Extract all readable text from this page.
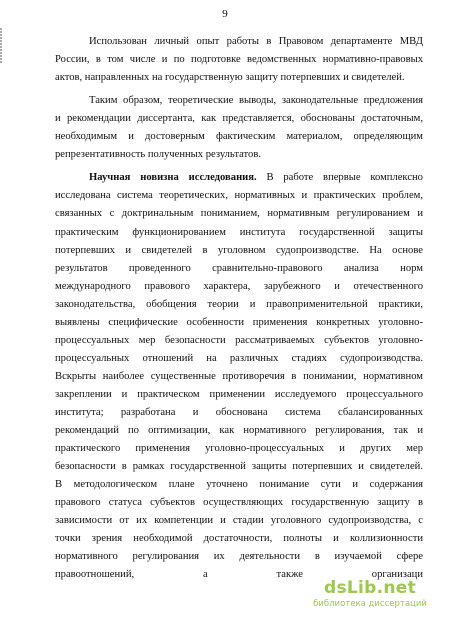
9
Использован личный опыт работы в Правовом департаменте МВД
России, в том числе и по подготовке ведомственных нормативно-правовых
актов, направленных на государственную защиту потерпевших и свидетелей.
Таким образом, теоретические выводы, законодательные предложения
и рекомендации диссертанта, как представляется, обоснованы достаточным,
необходимым и достоверным фактическим материалом, определяющим
репрезентативность полученных результатов.
Научная новизна исследования. В работе впервые комплексно
исследована система теоретических, нормативных и практических проблем,
связанных с доктринальным пониманием, нормативным регулированием и
практическим функционированием института государственной защиты
потерпевших и свидетелей в уголовном судопроизводстве. На основе
результатов проведенного сравнительно-правового анализа норм
международного правового характера, зарубежного и отечественного
законодательства, обобщения теории и правоприменительной практики,
выявлены специфические особенности применения конкретных уголовно-
процессуальных мер безопасности рассматриваемых субъектов уголовно-
процессуальных отношений на различных стадиях судопроизводства.
Вскрыты наиболее существенные противоречия в понимании, нормативном
закреплении и практическом применении исследуемого процессуального
института; разработана и обоснована система сбалансированных
рекомендаций по оптимизации, как нормативного регулирования, так и
практического применения уголовно-процессуальных и других мер
безопасности в рамках государственной защиты потерпевших и свидетелей.
В методологическом плане уточнено понимание сути и содержания
правового статуса субъектов осуществляющих государственную защиту в
зависимости от их компетенции и стадии уголовного судопроизводства, с
точки зрения необходимой достаточности, полноты и коллизионности
нормативного регулирования их деятельности в изучаемой сфере
правоотношений, а также организаци
dsLib.net
библиотека диссертаций
